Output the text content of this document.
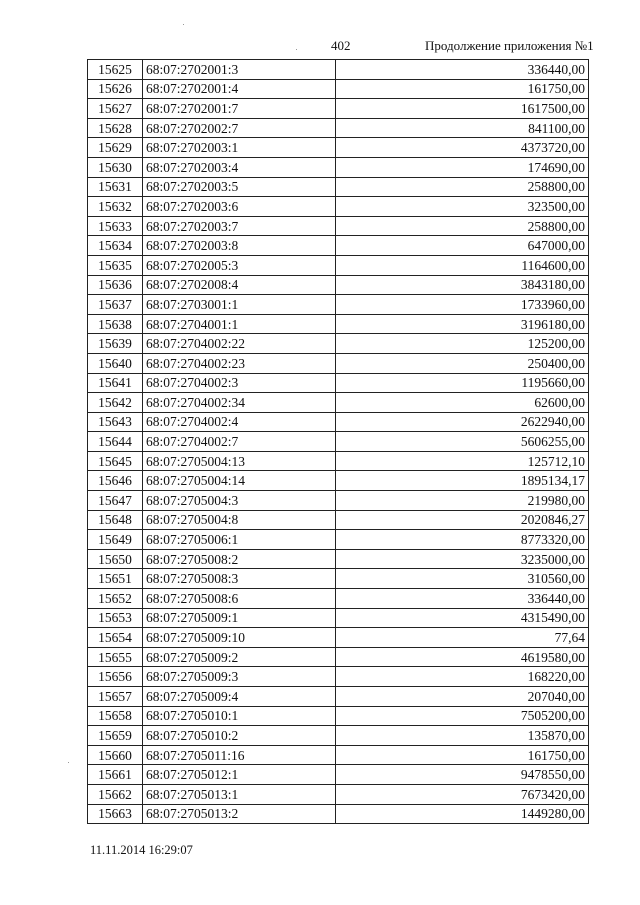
402	Продолжение приложения №1
15625	68:07:2702001:3	336440,00
15626	68:07:2702001:4	161750,00
15627	68:07:2702001:7	1617500,00
15628	68:07:2702002:7	841100,00
15629	68:07:2702003:1	4373720,00
15630	68:07:2702003:4	174690,00
15631	68:07:2702003:5	258800,00
15632	68:07:2702003:6	323500,00
15633	68:07:2702003:7	258800,00
15634	68:07:2702003:8	647000,00
15635	68:07:2702005:3	1164600,00
15636	68:07:2702008:4	3843180,00
15637	68:07:2703001:1	1733960,00
15638	68:07:2704001:1	3196180,00
15639	68:07:2704002:22	125200,00
15640	68:07:2704002:23	250400,00
15641	68:07:2704002:3	1195660,00
15642	68:07:2704002:34	62600,00
15643	68:07:2704002:4	2622940,00
15644	68:07:2704002:7	5606255,00
15645	68:07:2705004:13	125712,10
15646	68:07:2705004:14	1895134,17
15647	68:07:2705004:3	219980,00
15648	68:07:2705004:8	2020846,27
15649	68:07:2705006:1	8773320,00
15650	68:07:2705008:2	3235000,00
15651	68:07:2705008:3	310560,00
15652	68:07:2705008:6	336440,00
15653	68:07:2705009:1	4315490,00
15654	68:07:2705009:10	77,64
15655	68:07:2705009:2	4619580,00
15656	68:07:2705009:3	168220,00
15657	68:07:2705009:4	207040,00
15658	68:07:2705010:1	7505200,00
15659	68:07:2705010:2	135870,00
15660	68:07:2705011:16	161750,00
15661	68:07:2705012:1	9478550,00
15662	68:07:2705013:1	7673420,00
15663	68:07:2705013:2	1449280,00
11.11.2014 16:29:07
